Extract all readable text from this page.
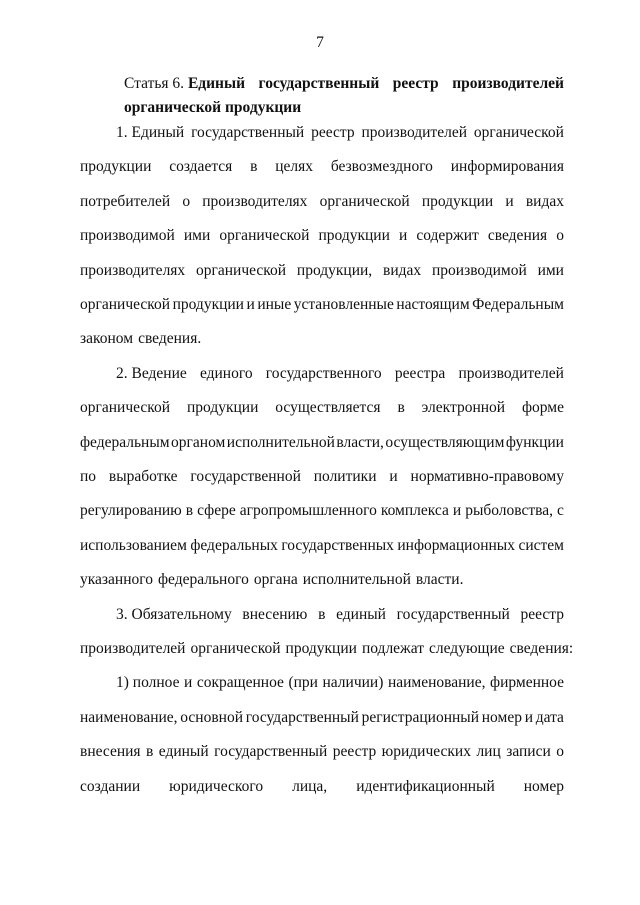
7
Статья 6. Единый государственный реестр производителей
органической продукции
1. Единый государственный реестр производителей органической
продукции создается в целях безвозмездного информирования
потребителей о производителях органической продукции и видах
производимой ими органической продукции и содержит сведения о
производителях органической продукции, видах производимой ими
органической продукции и иные установленные настоящим Федеральным
законом сведения.
2. Ведение единого государственного реестра производителей
органической продукции осуществляется в электронной форме
федеральным органом исполнительной власти, осуществляющим функции
по выработке государственной политики и нормативно-правовому
регулированию в сфере агропромышленного комплекса и рыболовства, с
использованием федеральных государственных информационных систем
указанного федерального органа исполнительной власти.
3. Обязательному внесению в единый государственный реестр
производителей органической продукции подлежат следующие сведения:
1) полное и сокращенное (при наличии) наименование, фирменное
наименование, основной государственный регистрационный номер и дата
внесения в единый государственный реестр юридических лиц записи о
создании юридического лица, идентификационный номер
